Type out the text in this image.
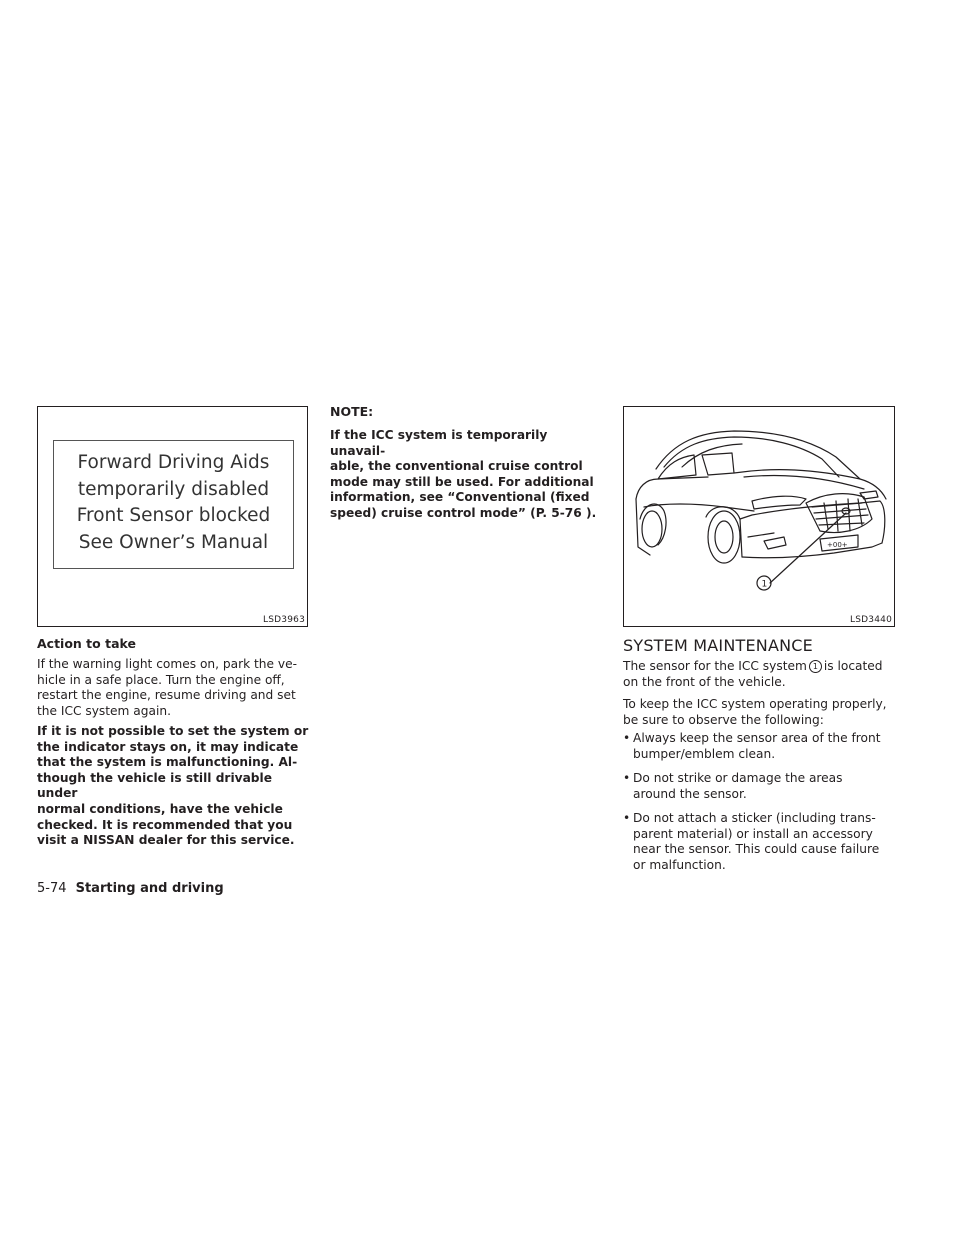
LSD3963
Forward Driving Aids
temporarily disabled
Front Sensor blocked
See Owner’s Manual
Action to take

If the warning light comes on, park the ve-

hicle in a safe place. Turn the engine off,

restart the engine, resume driving and set

the ICC system again.

If it is not possible to set the system or

the indicator stays on, it may indicate

that the system is malfunctioning. Al-

though the vehicle is still drivable under

normal conditions, have the vehicle

checked. It is recommended that you

visit a NISSAN dealer for this service.

NOTE:

If the ICC system is temporarily unavail-

able, the conventional cruise control

mode may still be used. For additional

information, see “Conventional (fixed

speed) cruise control mode” (P. 5-76 ).

+00+
1
LSD3440
SYSTEM MAINTENANCE
The sensor for the ICC system 1 is located
on the front of the vehicle.

To keep the ICC system operating properly,

be sure to observe the following:

• Always keep the sensor area of the front
bumper/emblem clean.
• Do not strike or damage the areas
around the sensor.
• Do not attach a sticker (including trans-
parent material) or install an accessory
near the sensor. This could cause failure
or malfunction.
5-74 Starting and driving
